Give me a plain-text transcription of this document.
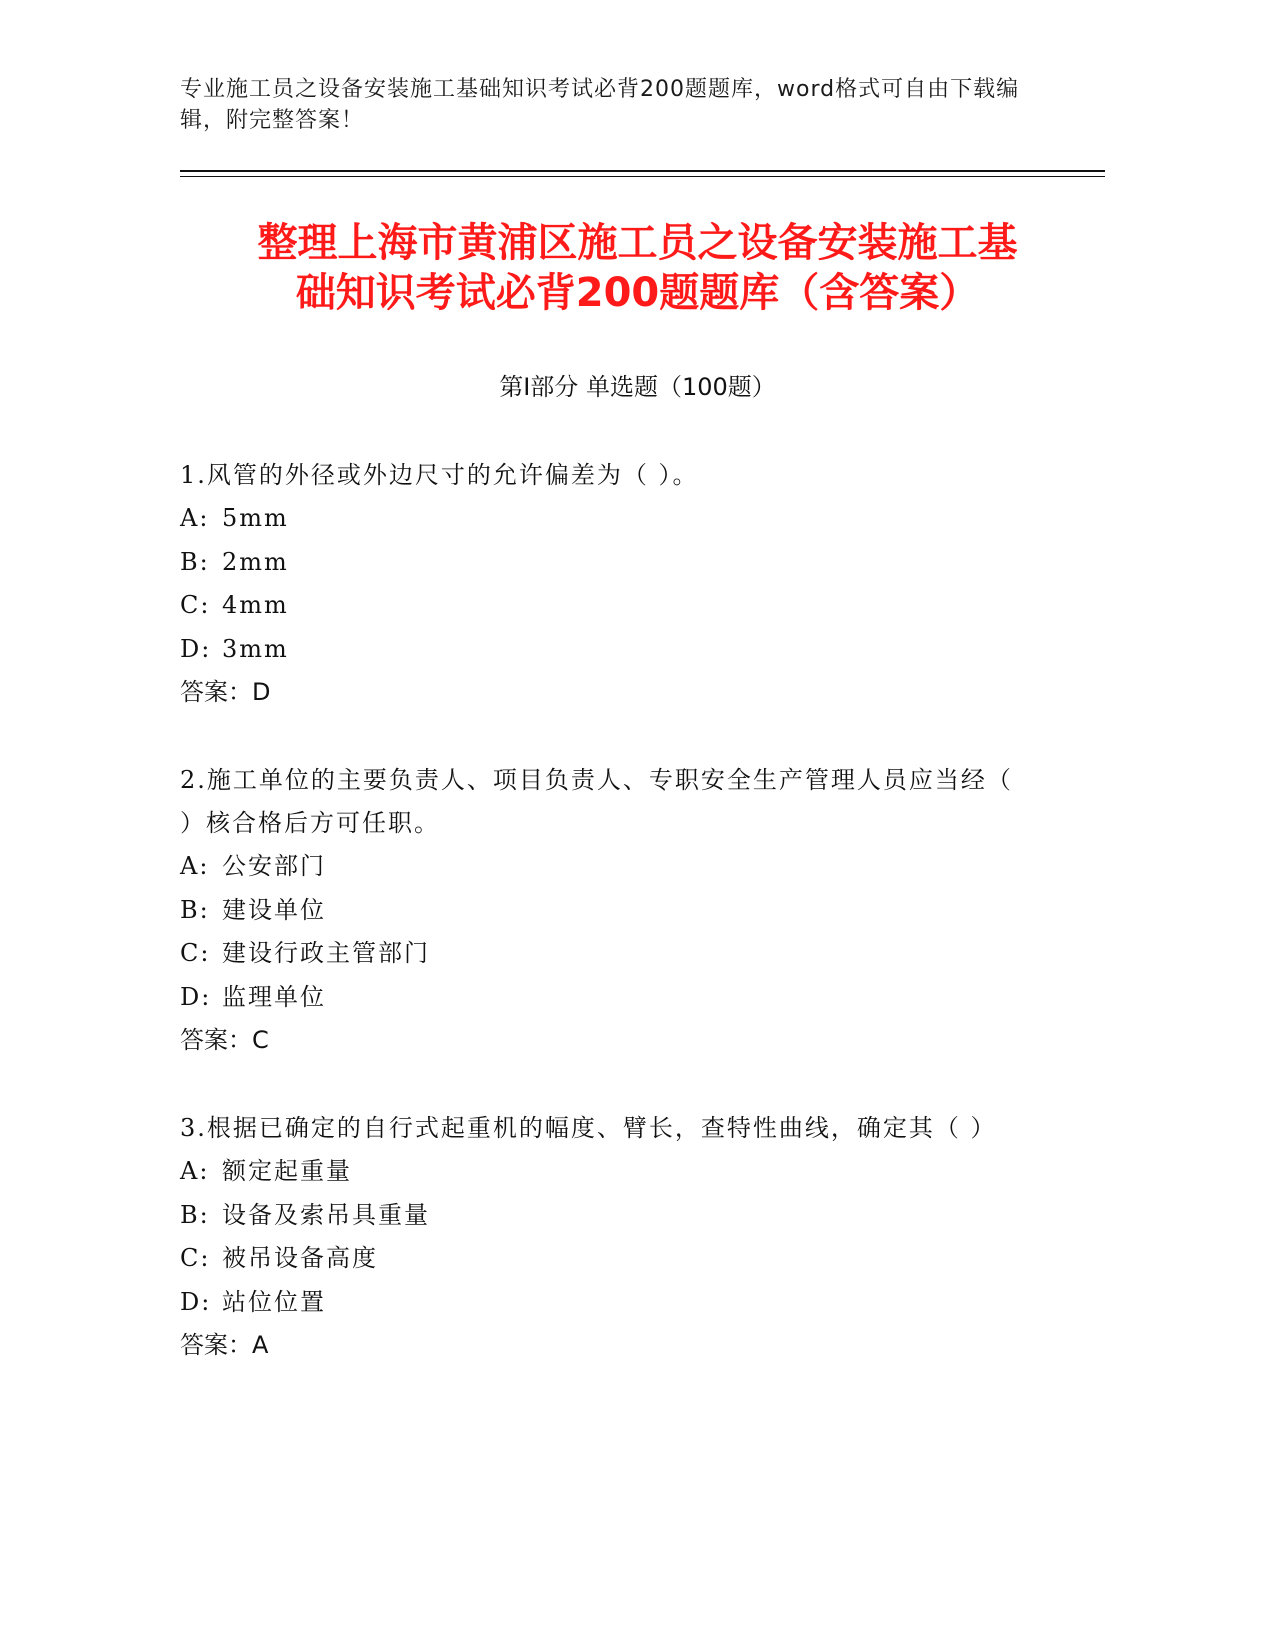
专业施工员之设备安装施工基础知识考试必背200题题库，word格式可自由下载编辑，附完整答案！
整理上海市黄浦区施工员之设备安装施工基
础知识考试必背200题题库（含答案）
第Ⅰ部分 单选题（100题）

1.风管的外径或外边尺寸的允许偏差为（ ）。

A: 5mm

B: 2mm

C: 4mm

D: 3mm

答案：D

2.施工单位的主要负责人、项目负责人、专职安全生产管理人员应当经（ ）核合格后方可任职。

A: 公安部门

B: 建设单位

C: 建设行政主管部门

D: 监理单位

答案：C

3.根据已确定的自行式起重机的幅度、臂长，查特性曲线，确定其（ ）

A: 额定起重量

B: 设备及索吊具重量

C: 被吊设备高度

D: 站位位置

答案：A
